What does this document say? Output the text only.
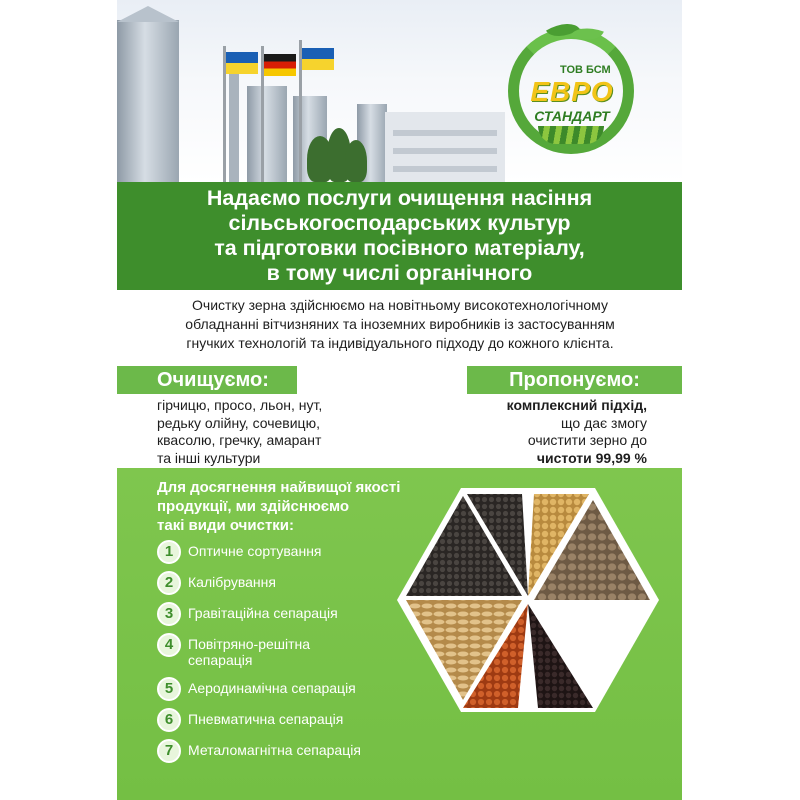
ТОВ БСМ
ЕВРО
СТАНДАРТ
Надаємо послуги очищення насіння
сільськогосподарських культур
та підготовки посівного матеріалу,
в тому числі органічного
Очистку зерна здійснюємо на новітньому високотехнологічному
обладнанні вітчизняних та іноземних виробників із застосуванням
гнучких технологій та індивідуального підходу до кожного клієнта.
Очищуємо:	Пропонуємо:
гірчицю, просо, льон, нут,
редьку олійну, сочевицю,
квасолю, гречку, амарант
та інші культури
комплексний підхід,
що дає змогу
очистити зерно до
чистоти 99,99 %
Для досягнення найвищої якості
продукції, ми здійснюємо
такі види очистки:
1	Оптичне сортування
2	Калібрування
3	Гравітаційна сепарація
4	Повітряно-решітна
сепарація
5	Аеродинамічна сепарація
6	Пневматична сепарація
7	Металомагнітна сепарація
